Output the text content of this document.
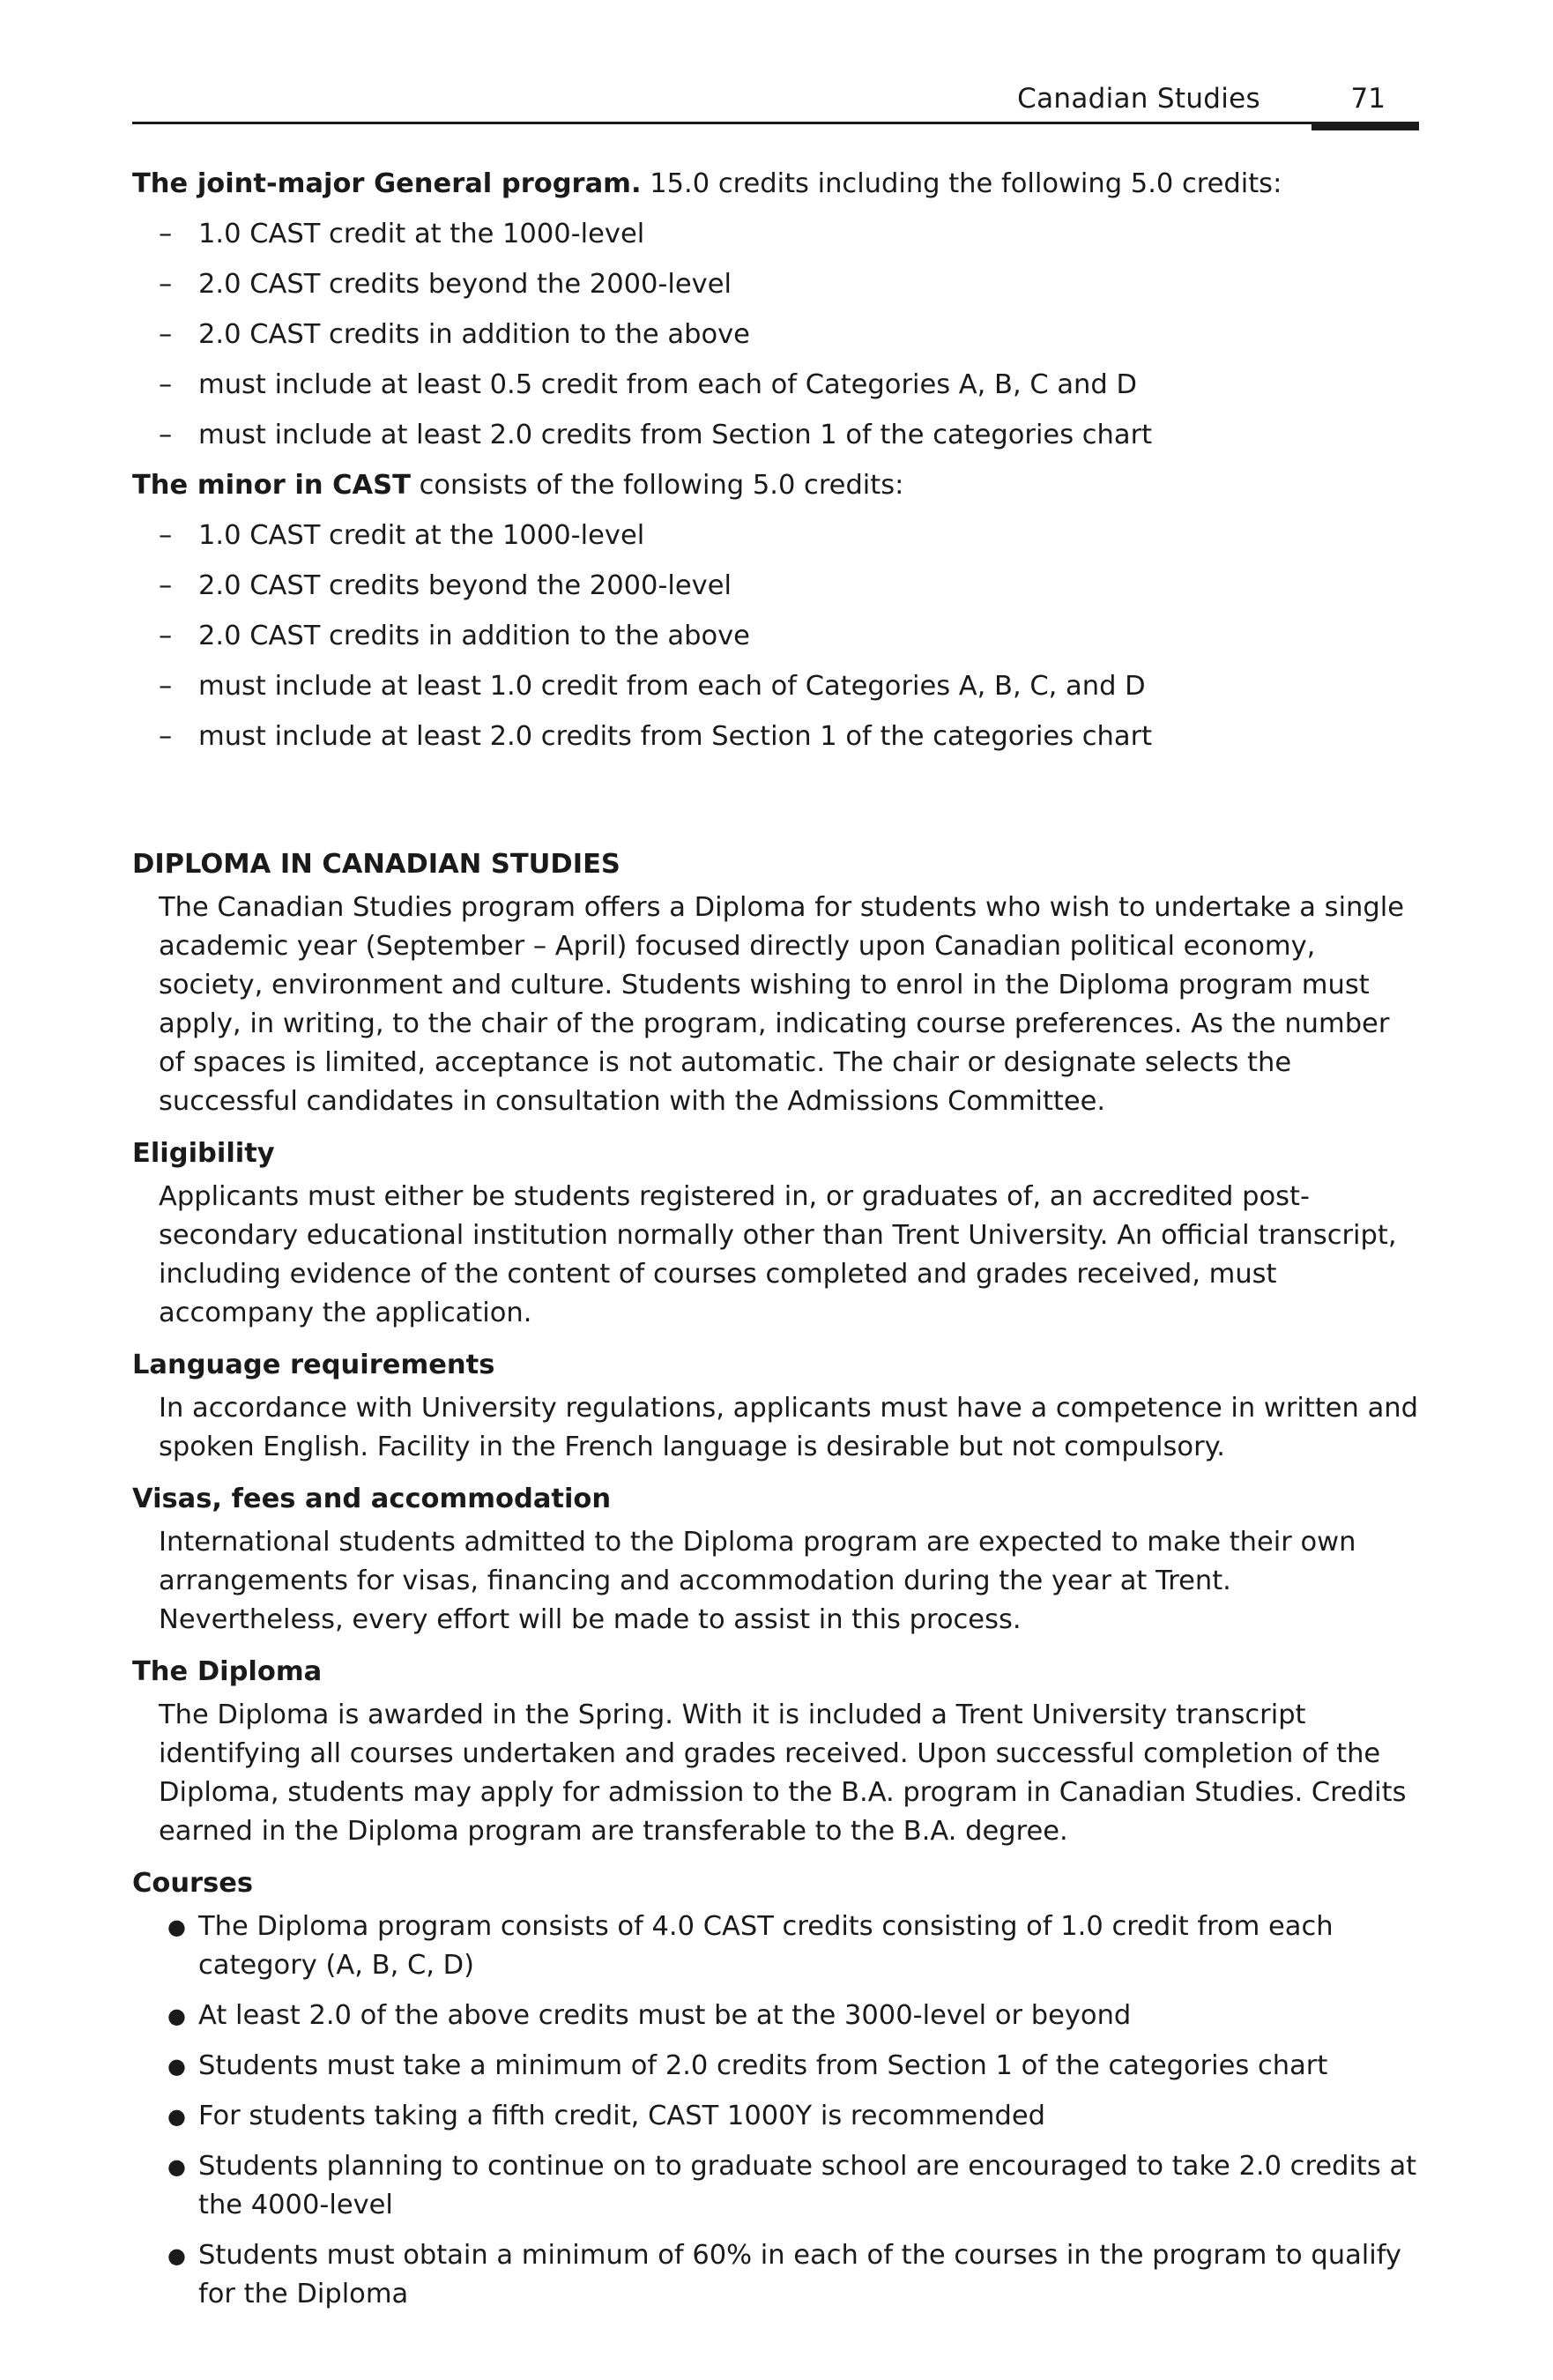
Canadian Studies	71

The joint-major General program. 15.0 credits including the following 5.0 credits:

– 1.0 CAST credit at the 1000-level
– 2.0 CAST credits beyond the 2000-level
– 2.0 CAST credits in addition to the above
– must include at least 0.5 credit from each of Categories A, B, C and D
– must include at least 2.0 credits from Section 1 of the categories chart

The minor in CAST consists of the following 5.0 credits:

– 1.0 CAST credit at the 1000-level
– 2.0 CAST credits beyond the 2000-level
– 2.0 CAST credits in addition to the above
– must include at least 1.0 credit from each of Categories A, B, C, and D
– must include at least 2.0 credits from Section 1 of the categories chart

DIPLOMA IN CANADIAN STUDIES

The Canadian Studies program offers a Diploma for students who wish to undertake a single academic year (September – April) focused directly upon Canadian political economy, society, environment and culture. Students wishing to enrol in the Diploma program must apply, in writing, to the chair of the program, indicating course preferences. As the number of spaces is limited, acceptance is not automatic. The chair or designate selects the successful candidates in consultation with the Admissions Committee.

Eligibility

Applicants must either be students registered in, or graduates of, an accredited post-secondary educational institution normally other than Trent University. An official transcript, including evidence of the content of courses completed and grades received, must accompany the application.

Language requirements

In accordance with University regulations, applicants must have a competence in written and spoken English. Facility in the French language is desirable but not compulsory.

Visas, fees and accommodation

International students admitted to the Diploma program are expected to make their own arrangements for visas, financing and accommodation during the year at Trent. Nevertheless, every effort will be made to assist in this process.

The Diploma

The Diploma is awarded in the Spring. With it is included a Trent University transcript identifying all courses undertaken and grades received. Upon successful completion of the Diploma, students may apply for admission to the B.A. program in Canadian Studies. Credits earned in the Diploma program are transferable to the B.A. degree.

Courses

● The Diploma program consists of 4.0 CAST credits consisting of 1.0 credit from each category (A, B, C, D)
● At least 2.0 of the above credits must be at the 3000-level or beyond
● Students must take a minimum of 2.0 credits from Section 1 of the categories chart
● For students taking a fifth credit, CAST 1000Y is recommended
● Students planning to continue on to graduate school are encouraged to take 2.0 credits at the 4000-level
● Students must obtain a minimum of 60% in each of the courses in the program to qualify for the Diploma
